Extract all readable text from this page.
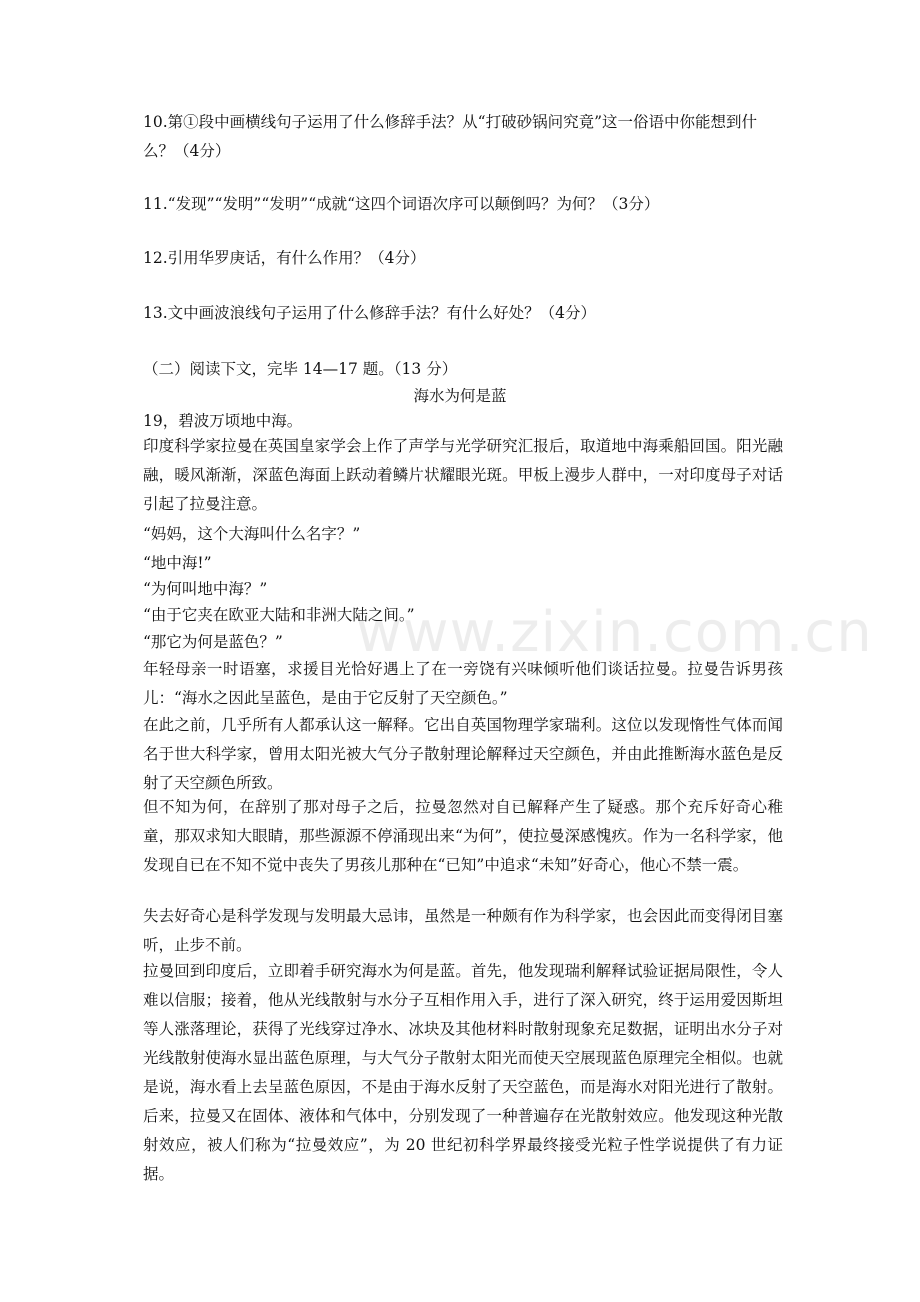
10.第①段中画横线句子运用了什么修辞手法？从“打破砂锅问究竟”这一俗语中你能想到什么？（4分）
11.“发现”“发明”“发明”“成就“这四个词语次序可以颠倒吗？为何？（3分）
12.引用华罗庚话，有什么作用？（4分）
13.文中画波浪线句子运用了什么修辞手法？有什么好处？（4分）
（二）阅读下文，完毕 14—17 题。（13 分）
海水为何是蓝
19，碧波万顷地中海。
印度科学家拉曼在英国皇家学会上作了声学与光学研究汇报后，取道地中海乘船回国。阳光融融，暖风渐渐，深蓝色海面上跃动着鳞片状耀眼光斑。甲板上漫步人群中，一对印度母子对话引起了拉曼注意。
“妈妈，这个大海叫什么名字？”
“地中海!”
“为何叫地中海？”
“由于它夹在欧亚大陆和非洲大陆之间。”
“那它为何是蓝色？”
年轻母亲一时语塞，求援目光恰好遇上了在一旁饶有兴味倾听他们谈话拉曼。拉曼告诉男孩儿：“海水之因此呈蓝色，是由于它反射了天空颜色。”
在此之前，几乎所有人都承认这一解释。它出自英国物理学家瑞利。这位以发现惰性气体而闻名于世大科学家，曾用太阳光被大气分子散射理论解释过天空颜色，并由此推断海水蓝色是反射了天空颜色所致。
但不知为何，在辞别了那对母子之后，拉曼忽然对自已解释产生了疑惑。那个充斥好奇心稚童，那双求知大眼睛，那些源源不停涌现出来“为何”，使拉曼深感愧疚。作为一名科学家，他发现自已在不知不觉中丧失了男孩儿那种在“已知”中追求“未知”好奇心，他心不禁一震。
失去好奇心是科学发现与发明最大忌讳，虽然是一种颇有作为科学家，也会因此而变得闭目塞听，止步不前。
拉曼回到印度后，立即着手研究海水为何是蓝。首先，他发现瑞利解释试验证据局限性，令人难以信服；接着，他从光线散射与水分子互相作用入手，进行了深入研究，终于运用爱因斯坦等人涨落理论，获得了光线穿过净水、冰块及其他材料时散射现象充足数据，证明出水分子对光线散射使海水显出蓝色原理，与大气分子散射太阳光而使天空展现蓝色原理完全相似。也就是说，海水看上去呈蓝色原因，不是由于海水反射了天空蓝色，而是海水对阳光进行了散射。后来，拉曼又在固体、液体和气体中，分别发现了一种普遍存在光散射效应。他发现这种光散射效应，被人们称为“拉曼效应”，为 20 世纪初科学界最终接受光粒子性学说提供了有力证据。
www.zixin.com.cn
